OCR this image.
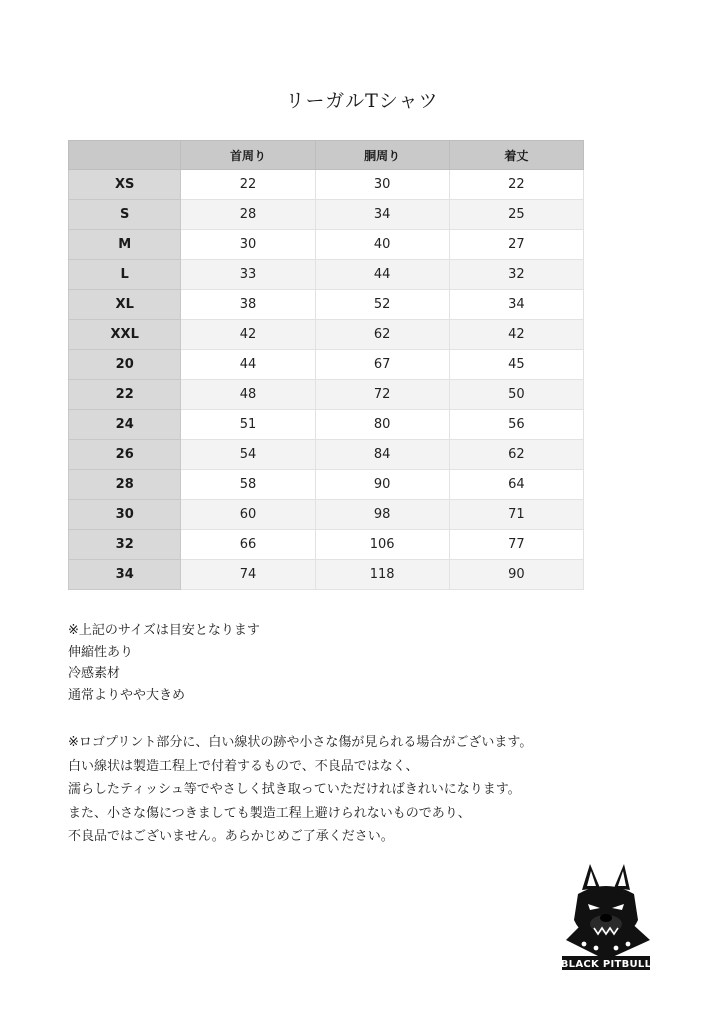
リーガルTシャツ
	首周り	胴周り	着丈
XS	22	30	22
S	28	34	25
M	30	40	27
L	33	44	32
XL	38	52	34
XXL	42	62	42
20	44	67	45
22	48	72	50
24	51	80	56
26	54	84	62
28	58	90	64
30	60	98	71
32	66	106	77
34	74	118	90

※上記のサイズは目安となります

伸縮性あり

冷感素材

通常よりやや大きめ

※ロゴプリント部分に、白い線状の跡や小さな傷が見られる場合がございます。

白い線状は製造工程上で付着するもので、不良品ではなく、

濡らしたティッシュ等でやさしく拭き取っていただければきれいになります。

また、小さな傷につきましても製造工程上避けられないものであり、

不良品ではございません。あらかじめご了承ください。

BLACK PITBULL
